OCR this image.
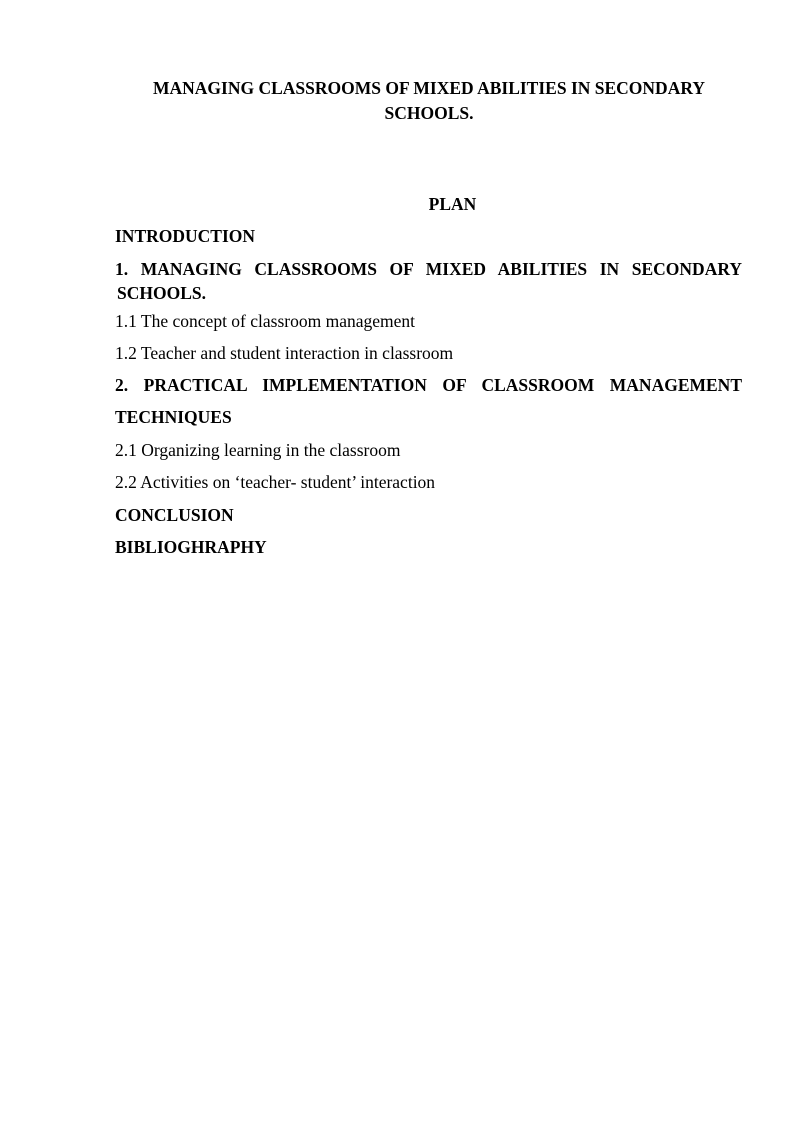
MANAGING CLASSROOMS OF MIXED ABILITIES IN SECONDARY SCHOOLS.
PLAN
INTRODUCTION
1. MANAGING CLASSROOMS OF MIXED ABILITIES IN SECONDARY
SCHOOLS.
1.1 The concept of classroom management
1.2 Teacher and student interaction in classroom
2. PRACTICAL IMPLEMENTATION OF CLASSROOM MANAGEMENT
TECHNIQUES
2.1 Organizing learning in the classroom
2.2 Activities on ‘teacher- student’ interaction
CONCLUSION
BIBLIOGHRAPHY
